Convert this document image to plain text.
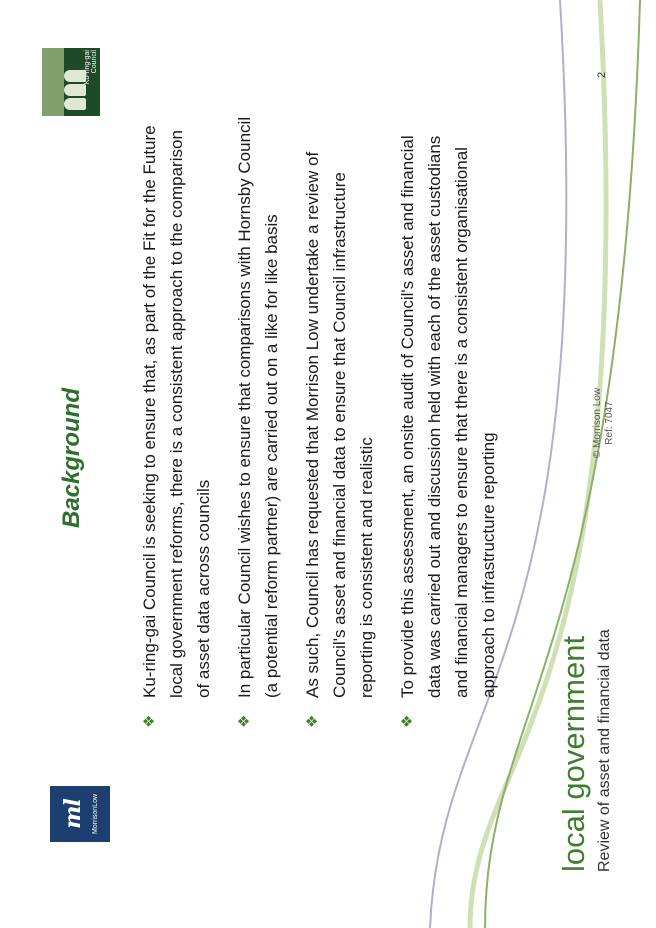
ml MorrisonLow
Background
❖
Ku-ring-gai Council is seeking to ensure that, as part of the Fit for the Future local government reforms, there is a consistent approach to the comparison of asset data across councils
❖
In particular Council wishes to ensure that comparisons with Hornsby Council (a potential reform partner) are carried out on a like for like basis
❖
As such, Council has requested that Morrison Low undertake a review of Council's asset and financial data to ensure that Council infrastructure reporting is consistent and realistic
❖
To provide this assessment, an onsite audit of Council's asset and financial data was carried out and discussion held with each of the asset custodians and financial managers to ensure that there is a consistent organisational approach to infrastructure reporting
Ku-ring-gai Council
local government Review of asset and financial data
© Morrison Low Ref: 7047
2
